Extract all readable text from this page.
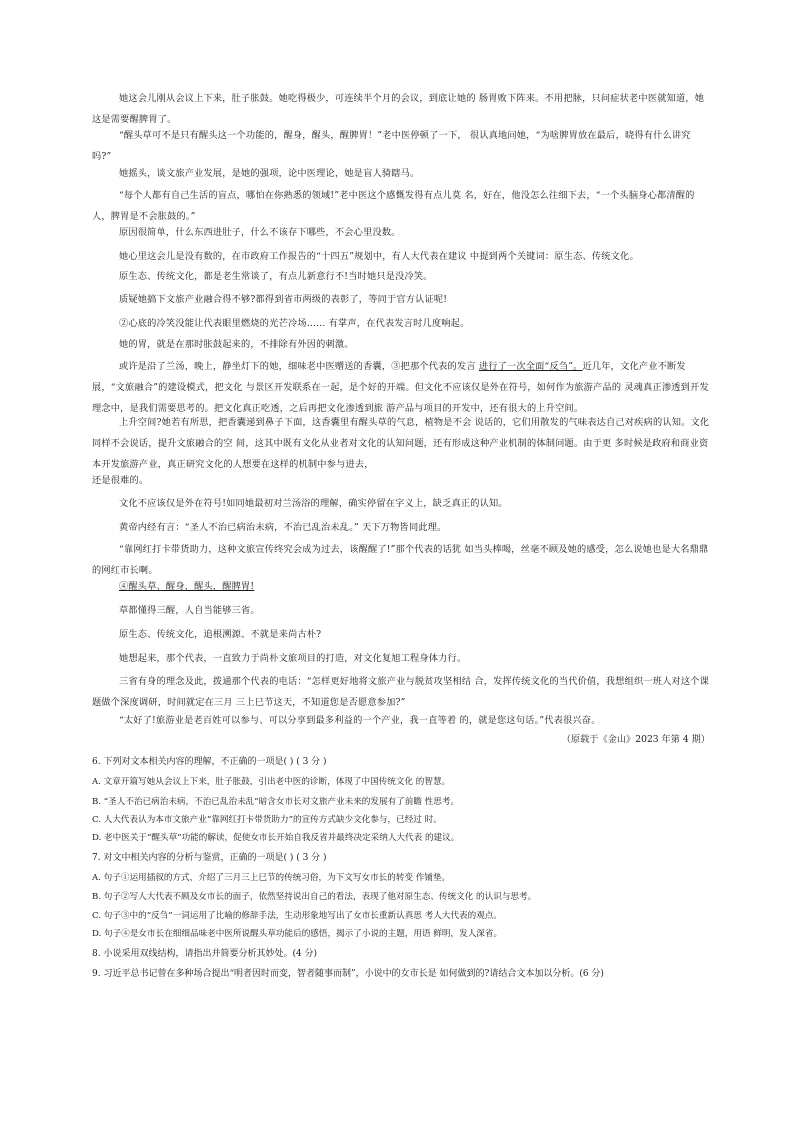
她这会儿刚从会议上下来，肚子胀鼓。她吃得极少，可连续半个月的会议，到底让她的 肠胃败下阵来。不用把脉，只问症状老中医就知道，她这是需要醒脾胃了。

“醒头草可不是只有醒头这一个功能的，醒身，醒头，醒脾胃！”老中医停顿了一下， 很认真地问她，“为啥脾胃放在最后，晓得有什么讲究吗?”

她摇头，谈文旅产业发展，是她的强项，论中医理论，她是盲人骑瞎马。

“每个人都有自己生活的盲点，哪怕在你熟悉的领域!”老中医这个感慨发得有点儿莫 名，好在，他没怎么往细下去，“一个头脑身心都清醒的人，脾胃是不会胀鼓的。”

原因很简单，什么东西进肚子，什么不该存下哪些，不会心里没数。

她心里这会儿是没有数的，在市政府工作报告的“十四五”规划中，有人大代表在建议 中提到两个关键词：原生态、传统文化。

原生态、传统文化，都是老生常谈了，有点儿新意行不!当时她只是没冷笑。

质疑她搞下文旅产业融合得不够?都得到省市两级的表彰了，等同于官方认证呢!

②心底的冷笑没能让代表眼里燃烧的光芒冷场…… 有掌声，在代表发言时几度响起。

她的胃，就是在那时胀鼓起来的，不排除有外因的刺激。

或许是沿了兰汤，晚上，静坐灯下的她，细味老中医赠送的香囊，③把那个代表的发言 进行了一次全面“反刍”。近几年，文化产业不断发展，“文旅融合”的建设模式，把文化 与景区开发联系在一起，是个好的开端。但文化不应该仅是外在符号，如何作为旅游产品的 灵魂真正渗透到开发理念中，是我们需要思考的。把文化真正吃透，之后再把文化渗透到旅 游产品与项目的开发中，还有很大的上升空间。

上升空间?她若有所思，把香囊递到鼻子下面，这香囊里有醒头草的气息，植物是不会 说话的，它们用散发的气味表达自己对疾病的认知。文化同样不会说话，提升文旅融合的空 间，这其中既有文化从业者对文化的认知问题，还有形成这种产业机制的体制问题。由于更 多时候是政府和商业资本开发旅游产业，真正研究文化的人想要在这样的机制中参与进去，

还是很难的。

文化不应该仅是外在符号!如同她最初对兰汤浴的理解，确实停留在字义上，缺乏真正的认知。

黄帝内经有言：“圣人不治已病治未病，不治已乱治未乱。” 天下万物皆同此理。

“靠网红打卡带货助力，这种文旅宣传终究会成为过去，该醒醒了!”那个代表的话犹 如当头棒喝，丝毫不顾及她的感受，怎么说她也是大名鼎鼎的网红市长啊。

④醒头草、醒身，醒头，醒脾胃!

草都懂得三醒，人自当能够三省。

原生态、传统文化，追根溯源、不就是来尚古朴?

她想起来，那个代表，一直致力于尚朴文旅项目的打造，对文化复旭工程身体力行。

三省有身的理念及此，拨通那个代表的电话：“怎样更好地将文旅产业与脱贫攻坚相结 合，发挥传统文化的当代价值，我想组织一班人对这个课题做个深度调研，时间就定在三月 三上巳节这天，不知道您是否愿意参加?”

“太好了!旅游业是老百姓可以参与、可以分享到最多利益的一个产业，我一直等着 的，就是您这句话。”代表很兴奋。

（原载于《金山》2023 年第 4 期）

6. 下列对文本相关内容的理解，不正确的一项是( ) ( 3 分 )

A. 文章开篇写她从会议上下来，肚子胀鼓，引出老中医的诊断，体现了中国传统文化 的智慧。

B. “圣人不治已病治未病，不治已乱治未乱”暗含女市长对文旅产业未来的发展有了前瞻 性思考。

C. 人大代表认为本市文旅产业“靠网红打卡带货助力”的宣传方式缺少文化参与，已经过 时。

D. 老中医关于“醒头草”功能的解读，促使女市长开始自我反省并最终决定采纳人大代表 的建议。

7. 对文中相关内容的分析与鉴赏，正确的一项是( ) ( 3 分 )

A. 句子①运用插叙的方式，介绍了三月三上巳节的传统习俗，为下文写女市长的转变 作铺垫。

B. 句子②写人大代表不顾及女市长的面子，依然坚持说出自己的看法，表现了他对原生态、传统文化 的认识与思考。

C. 句子③中的“反刍”一词运用了比喻的修辞手法，生动形象地写出了女市长重新认真思 考人大代表的观点。

D. 句子④是女市长在细细品味老中医所说醒头草功能后的感悟，揭示了小说的主题，用语 鲜明，发人深省。

8. 小说采用双线结构，请指出并简要分析其妙处。(4 分)

9. 习近平总书记曾在多种场合提出“明者因时而变，智者随事而制”，小说中的女市长是 如何做到的?请结合文本加以分析。(6 分)
